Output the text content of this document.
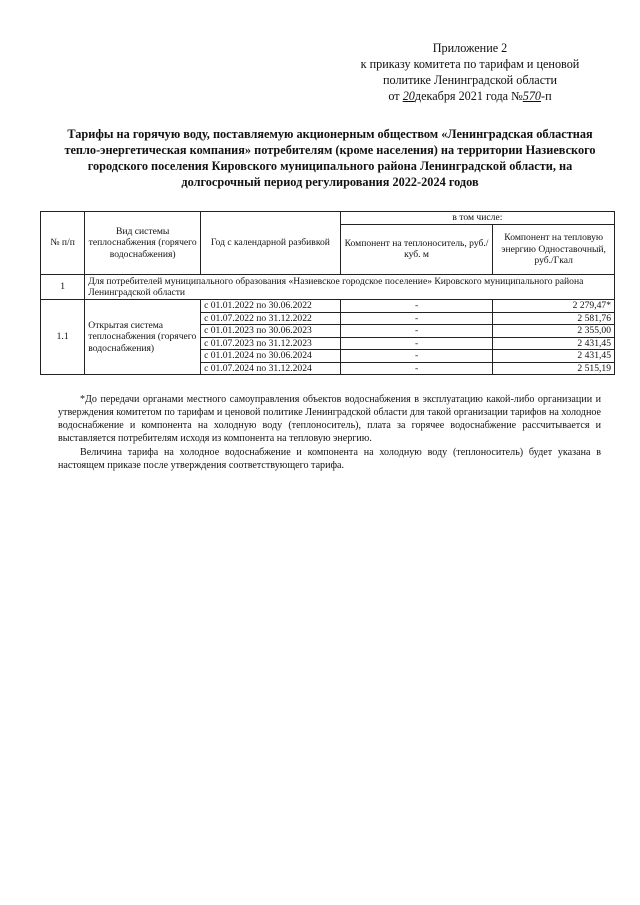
Приложение 2
к приказу комитета по тарифам и ценовой
политике Ленинградской области
от 20декабря 2021 года №570-п
Тарифы на горячую воду, поставляемую акционерным обществом «Ленинградская областная тепло-энергетическая компания» потребителям (кроме населения) на территории Назиевского городского поселения Кировского муниципального района Ленинградской области, на долгосрочный период регулирования 2022-2024 годов
№ п/п	Вид системы теплоснабжения (горячего водоснабжения)	Год с календарной разбивкой	в том числе:	
			Компонент на теплоноситель, руб./куб. м	Компонент на тепловую энергию Одноставочный, руб./Гкал
1	Для потребителей муниципального образования «Назиевское городское поселение» Кировского муниципального района Ленинградской области			
1.1	Открытая система теплоснабжения (горячего водоснабжения)	с 01.01.2022 по 30.06.2022	-	2 279,47*
		с 01.07.2022 по 31.12.2022	-	2 581,76
		с 01.01.2023 по 30.06.2023	-	2 355,00
		с 01.07.2023 по 31.12.2023	-	2 431,45
		с 01.01.2024 по 30.06.2024	-	2 431,45
		с 01.07.2024 по 31.12.2024	-	2 515,19

*До передачи органами местного самоуправления объектов водоснабжения в эксплуатацию какой-либо организации и утверждения комитетом по тарифам и ценовой политике Ленинградской области для такой организации тарифов на холодное водоснабжение и компонента на холодную воду (теплоноситель), плата за горячее водоснабжение рассчитывается и выставляется потребителям исходя из компонента на тепловую энергию.

Величина тарифа на холодное водоснабжение и компонента на холодную воду (теплоноситель) будет указана в настоящем приказе после утверждения соответствующего тарифа.
